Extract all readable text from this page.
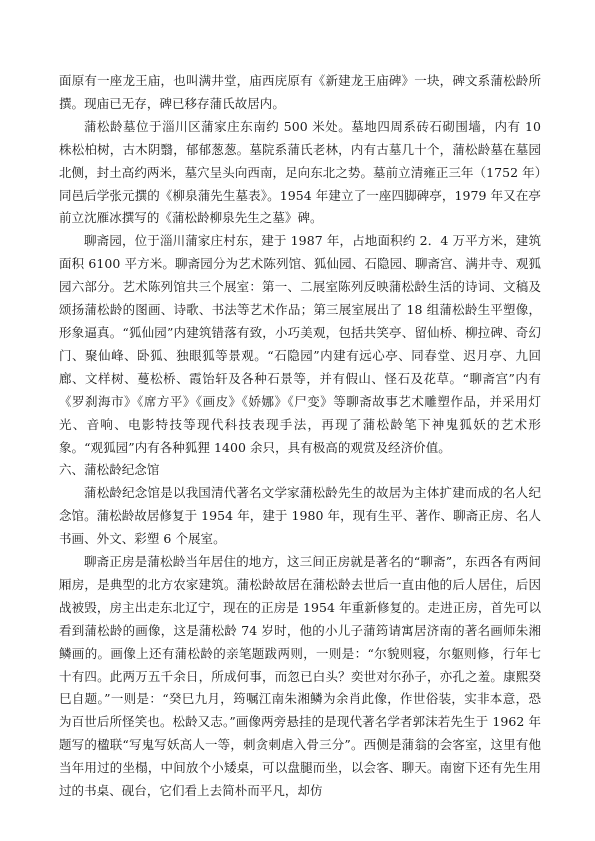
面原有一座龙王庙，也叫满井堂，庙西庑原有《新建龙王庙碑》一块，碑文系蒲松龄所撰。现庙已无存，碑已移存蒲氏故居内。

蒲松龄墓位于淄川区蒲家庄东南约 500 米处。墓地四周系砖石砌围墙，内有 10 株松柏树，古木阴翳，郁郁葱葱。墓院系蒲氏老林，内有古墓几十个，蒲松龄墓在墓园北侧，封土高约两米，墓穴呈头向西南，足向东北之势。墓前立清雍正三年（1752 年）同邑后学张元撰的《柳泉蒲先生墓表》。1954 年建立了一座四脚碑亭，1979 年又在亭前立沈雁冰撰写的《蒲松龄柳泉先生之墓》碑。

聊斋园，位于淄川蒲家庄村东，建于 1987 年，占地面积约 2．4 万平方米，建筑面积 6100 平方米。聊斋园分为艺术陈列馆、狐仙园、石隐园、聊斋宫、满井寺、观狐园六部分。艺术陈列馆共三个展室：第一、二展室陈列反映蒲松龄生活的诗词、文稿及颂扬蒲松龄的图画、诗歌、书法等艺术作品；第三展室展出了 18 组蒲松龄生平塑像，形象逼真。“狐仙园”内建筑错落有致，小巧美观，包括共笑亭、留仙桥、柳拉碑、奇幻门、聚仙峰、卧狐、独眼狐等景观。“石隐园”内建有远心亭、同春堂、迟月亭、九回廊、文样树、蔓松桥、霞饴轩及各种石景等，并有假山、怪石及花草。“聊斋宫”内有《罗刹海市》《席方平》《画皮》《娇娜》《尸变》等聊斋故事艺术雕塑作品，并采用灯光、音响、电影特技等现代科技表现手法，再现了蒲松龄笔下神鬼狐妖的艺术形象。“观狐园”内有各种狐狸 1400 余只，具有极高的观赏及经济价值。

六、蒲松龄纪念馆

蒲松龄纪念馆是以我国清代著名文学家蒲松龄先生的故居为主体扩建而成的名人纪念馆。蒲松龄故居修复于 1954 年，建于 1980 年，现有生平、著作、聊斋正房、名人书画、外文、彩塑 6 个展室。

聊斋正房是蒲松龄当年居住的地方，这三间正房就是著名的“聊斋”，东西各有两间厢房，是典型的北方农家建筑。蒲松龄故居在蒲松龄去世后一直由他的后人居住，后因战被毁，房主出走东北辽宁，现在的正房是 1954 年重新修复的。走进正房，首先可以看到蒲松龄的画像，这是蒲松龄 74 岁时，他的小儿子蒲筠请寓居济南的著名画师朱湘鳞画的。画像上还有蒲松龄的亲笔题跋两则，一则是：“尔貌则寝，尔躯则修，行年七十有四。此两万五千余日，所成何事，而忽已白头？奕世对尔孙子，亦孔之羞。康熙癸巳自题。”一则是：“癸巳九月，筠嘱江南朱湘鳞为余肖此像，作世俗装，实非本意，恐为百世后所怪笑也。松龄又志。”画像两旁悬挂的是现代著名学者郭沫若先生于 1962 年题写的楹联“写鬼写妖高人一等，刺贪刺虐入骨三分”。西侧是蒲翁的会客室，这里有他当年用过的坐榻，中间放个小矮桌，可以盘腿而坐，以会客、聊天。南窗下还有先生用过的书桌、砚台，它们看上去简朴而平凡，却仿
